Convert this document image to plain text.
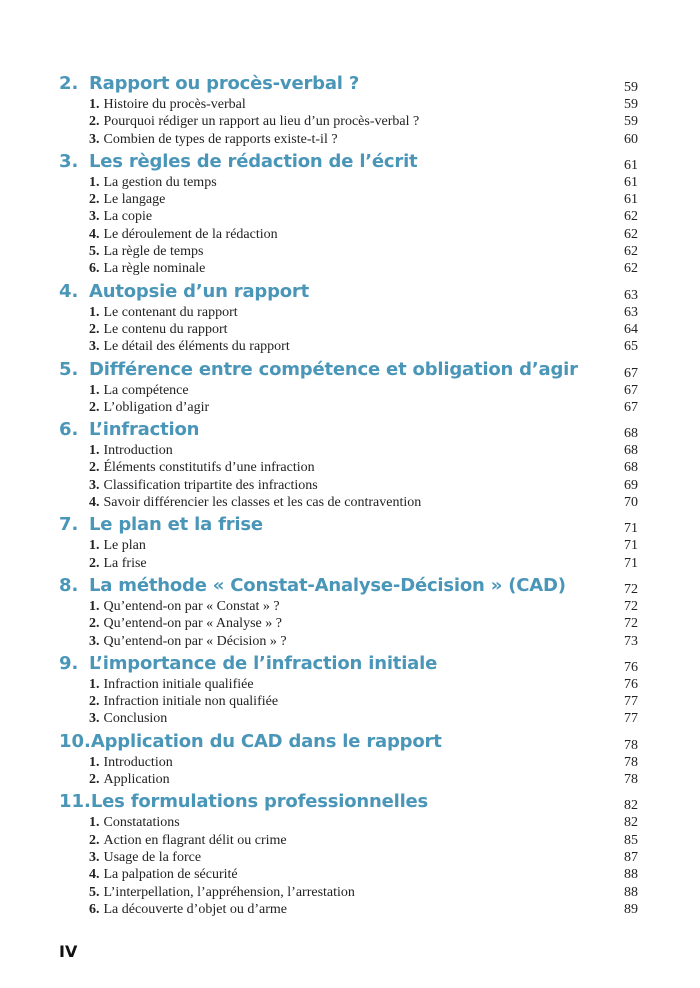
2. Rapport ou procès-verbal ?	59
1. Histoire du procès-verbal	59
2. Pourquoi rédiger un rapport au lieu d’un procès-verbal ?	59
3. Combien de types de rapports existe-t-il ?	60
3. Les règles de rédaction de l’écrit	61
1. La gestion du temps	61
2. Le langage	61
3. La copie	62
4. Le déroulement de la rédaction	62
5. La règle de temps	62
6. La règle nominale	62
4. Autopsie d’un rapport	63
1. Le contenant du rapport	63
2. Le contenu du rapport	64
3. Le détail des éléments du rapport	65
5. Différence entre compétence et obligation d’agir	67
1. La compétence	67
2. L’obligation d’agir	67
6. L’infraction	68
1. Introduction	68
2. Éléments constitutifs d’une infraction	68
3. Classification tripartite des infractions	69
4. Savoir différencier les classes et les cas de contravention	70
7. Le plan et la frise	71
1. Le plan	71
2. La frise	71
8. La méthode « Constat-Analyse-Décision » (CAD)	72
1. Qu’entend-on par « Constat » ?	72
2. Qu’entend-on par « Analyse » ?	72
3. Qu’entend-on par « Décision » ?	73
9. L’importance de l’infraction initiale	76
1. Infraction initiale qualifiée	76
2. Infraction initiale non qualifiée	77
3. Conclusion	77
10. Application du CAD dans le rapport	78
1. Introduction	78
2. Application	78
11. Les formulations professionnelles	82
1. Constatations	82
2. Action en flagrant délit ou crime	85
3. Usage de la force	87
4. La palpation de sécurité	88
5. L’interpellation, l’appréhension, l’arrestation	88
6. La découverte d’objet ou d’arme	89
IV
